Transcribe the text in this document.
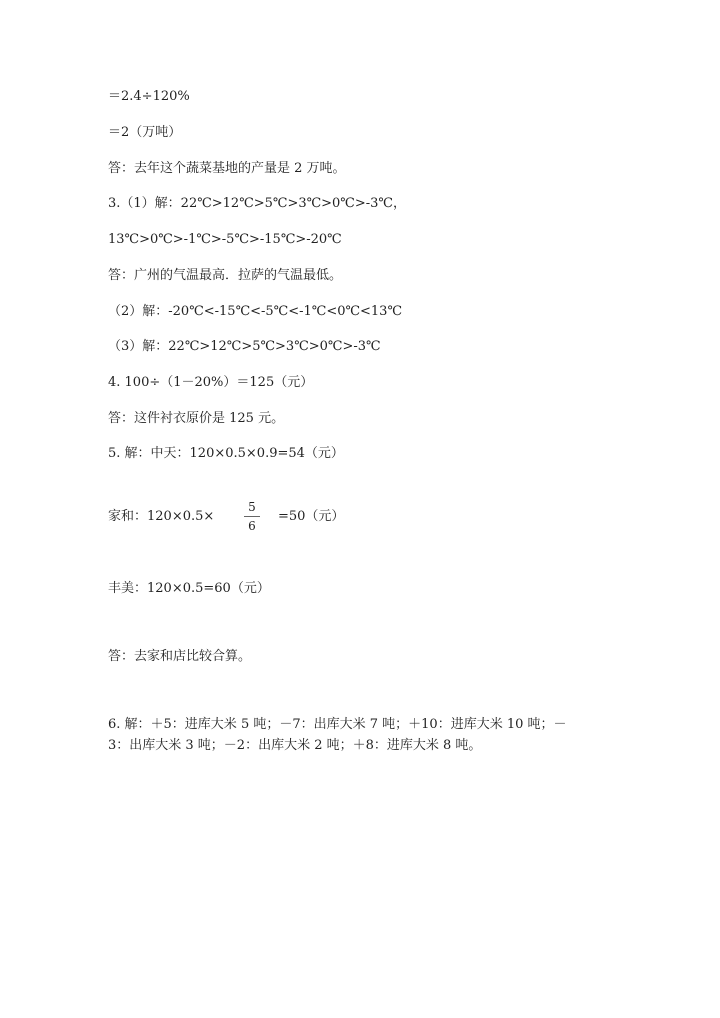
＝2.4÷120%
＝2（万吨）
答：去年这个蔬菜基地的产量是 2 万吨。
3.（1）解：22℃>12℃>5℃>3℃>0℃>-3℃，
13℃>0℃>-1℃>-5℃>-15℃>-20℃
答：广州的气温最高．拉萨的气温最低。
（2）解：-20℃<-15℃<-5℃<-1℃<0℃<13℃
（3）解：22℃>12℃>5℃>3℃>0℃>-3℃
4. 100÷（1－20%）＝125（元）
答：这件衬衣原价是 125 元。
5. 解：中天：120×0.5×0.9=54（元）
家和：120×0.5×
5
6
=50（元）
丰美：120×0.5=60（元）
答：去家和店比较合算。
6. 解：＋5：进库大米 5 吨；－7：出库大米 7 吨；＋10：进库大米 10 吨；－
3：出库大米 3 吨；－2：出库大米 2 吨；＋8：进库大米 8 吨。
